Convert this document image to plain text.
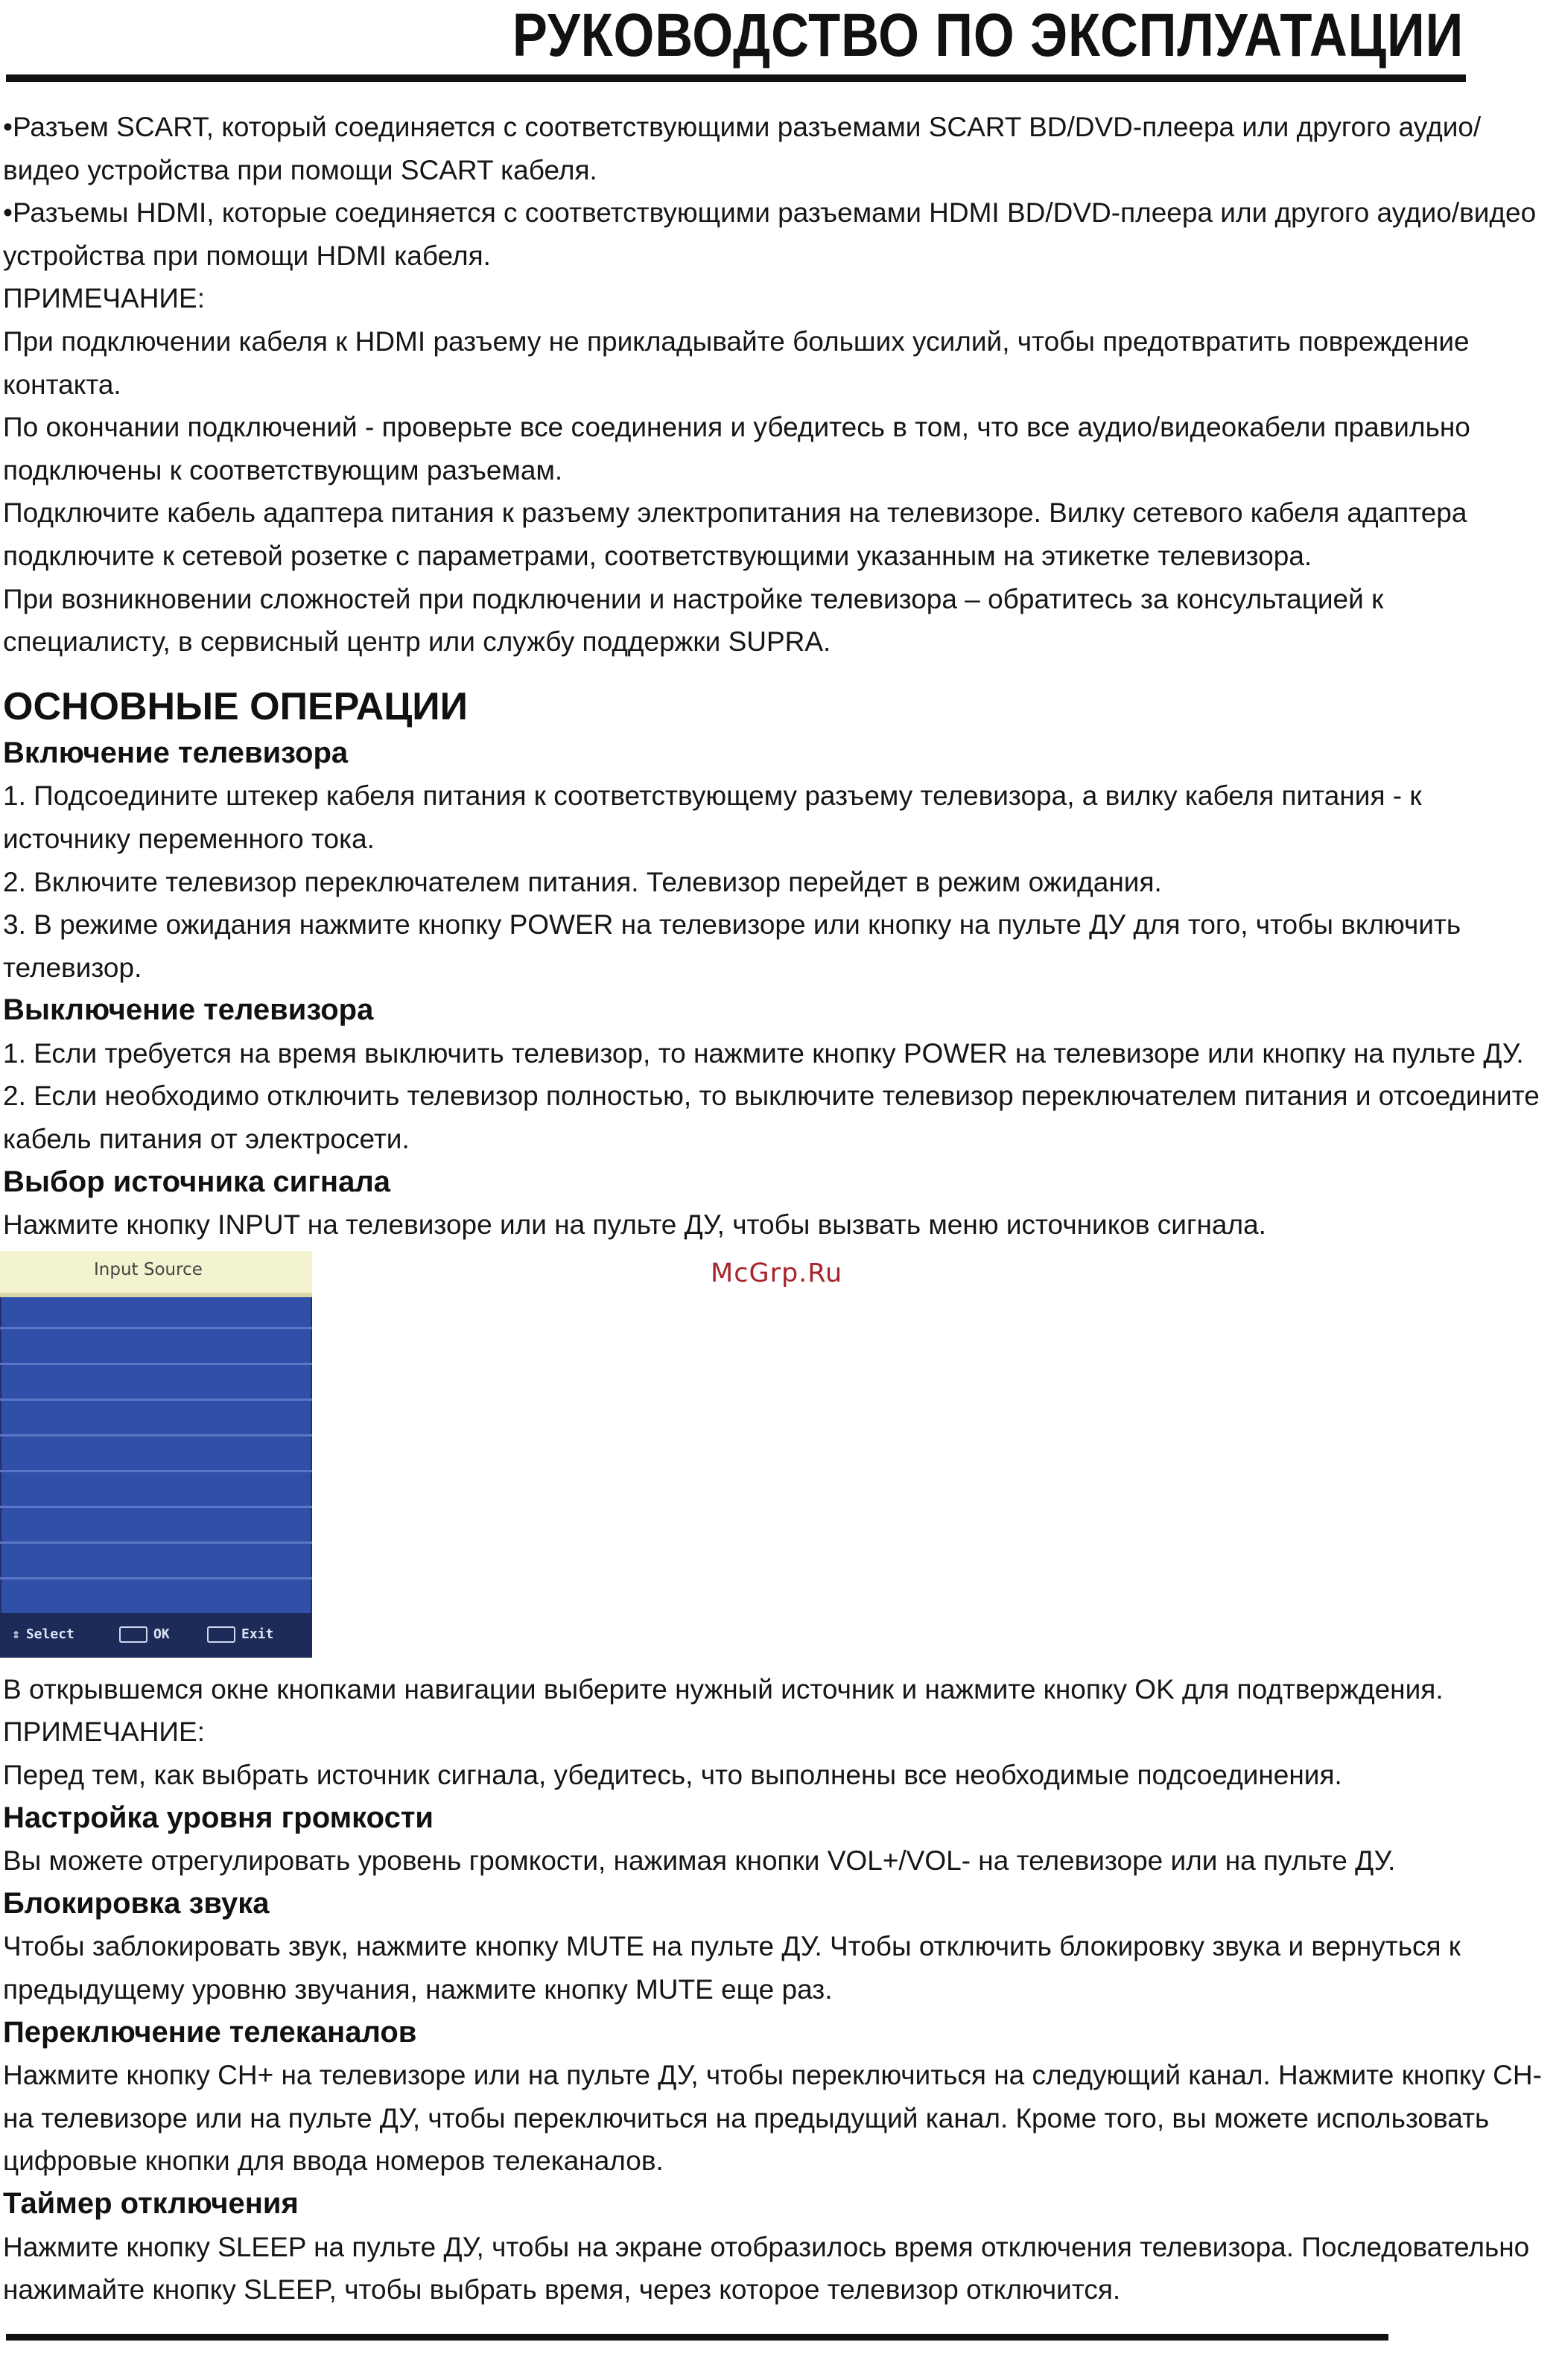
РУКОВОДСТВО ПО ЭКСПЛУАТАЦИИ

•Разъем SCART, который соединяется с соответствующими разъемами SCART BD/DVD-плеера или другого аудио/видео устройства при помощи SCART кабеля.

•Разъемы HDMI, которые соединяется с соответствующими разъемами HDMI BD/DVD-плеера или другого аудио/видео устройства при помощи HDMI кабеля.

ПРИМЕЧАНИЕ:

При подключении кабеля к HDMI разъему не прикладывайте больших усилий, чтобы предотвратить повреждение контакта.

По окончании подключений - проверьте все соединения и убедитесь в том, что все аудио/видеокабели правильно подключены к соответствующим разъемам.

Подключите кабель адаптера питания к разъему электропитания на телевизоре. Вилку сетевого кабеля адаптера подключите к сетевой розетке с параметрами, соответствующими указанным на этикетке телевизора.

При возникновении сложностей при подключении и настройке телевизора – обратитесь за консультацией к специалисту, в сервисный центр или службу поддержки SUPRA.

ОСНОВНЫЕ ОПЕРАЦИИ
Включение телевизора

1. Подсоедините штекер кабеля питания к соответствующему разъему телевизора, а вилку кабеля питания - к источнику переменного тока.

2. Включите телевизор переключателем питания. Телевизор перейдет в режим ожидания.

3. В режиме ожидания нажмите кнопку POWER на телевизоре или кнопку на пульте ДУ для того, чтобы включить телевизор.

Выключение телевизора

1. Если требуется на время выключить телевизор, то нажмите кнопку POWER на телевизоре или кнопку на пульте ДУ.

2. Если необходимо отключить телевизор полностью, то выключите телевизор переключателем питания и отсоедините кабель питания от электросети.

Выбор источника сигнала

Нажмите кнопку INPUT на телевизоре или на пульте ДУ, чтобы вызвать меню источников сигнала.

Input Source
⇕ Select	OK	Exit
McGrp.Ru

В открывшемся окне кнопками навигации выберите нужный источник и нажмите кнопку OK для подтверждения.

ПРИМЕЧАНИЕ:

Перед тем, как выбрать источник сигнала, убедитесь, что выполнены все необходимые подсоединения.

Настройка уровня громкости

Вы можете отрегулировать уровень громкости, нажимая кнопки VOL+/VOL- на телевизоре или на пульте ДУ.

Блокировка звука

Чтобы заблокировать звук, нажмите кнопку MUTE на пульте ДУ. Чтобы отключить блокировку звука и вернуться к предыдущему уровню звучания, нажмите кнопку MUTE еще раз.

Переключение телеканалов

Нажмите кнопку CH+ на телевизоре или на пульте ДУ, чтобы переключиться на следующий канал. Нажмите кнопку CH- на телевизоре или на пульте ДУ, чтобы переключиться на предыдущий канал. Кроме того, вы можете использовать цифровые кнопки для ввода номеров телеканалов.

Таймер отключения

Нажмите кнопку SLEEP на пульте ДУ, чтобы на экране отобразилось время отключения телевизора. Последовательно нажимайте кнопку SLEEP, чтобы выбрать время, через которое телевизор отключится.
